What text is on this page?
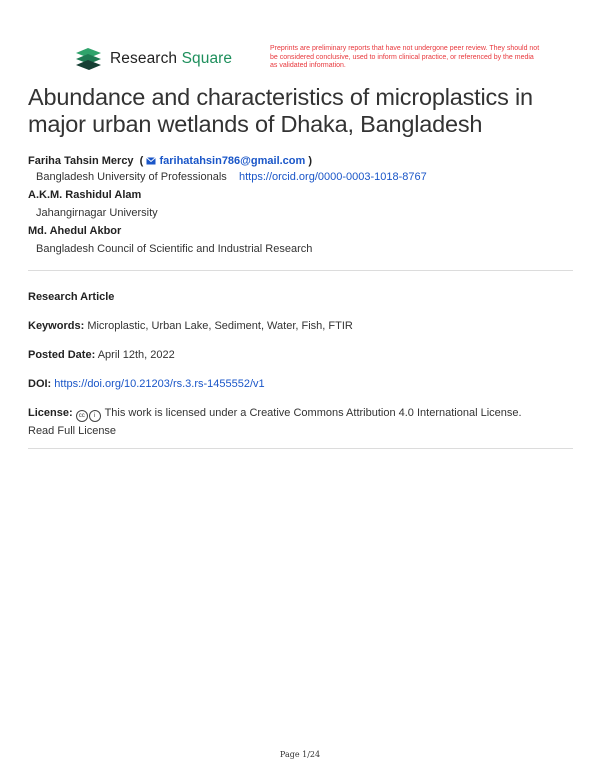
Research Square
Preprints are preliminary reports that have not undergone peer review. They should not be considered conclusive, used to inform clinical practice, or referenced by the media as validated information.
Abundance and characteristics of microplastics in major urban wetlands of Dhaka, Bangladesh
Fariha Tahsin Mercy  (  farihatahsin786@gmail.com )
Bangladesh University of Professionals https://orcid.org/0000-0003-1018-8767
A.K.M. Rashidul Alam
Jahangirnagar University
Md. Ahedul Akbor
Bangladesh Council of Scientific and Industrial Research
Research Article
Keywords: Microplastic, Urban Lake, Sediment, Water, Fish, FTIR
Posted Date: April 12th, 2022
DOI: https://doi.org/10.21203/rs.3.rs-1455552/v1
License: cc i This work is licensed under a Creative Commons Attribution 4.0 International License.
Read Full License
Page 1/24
